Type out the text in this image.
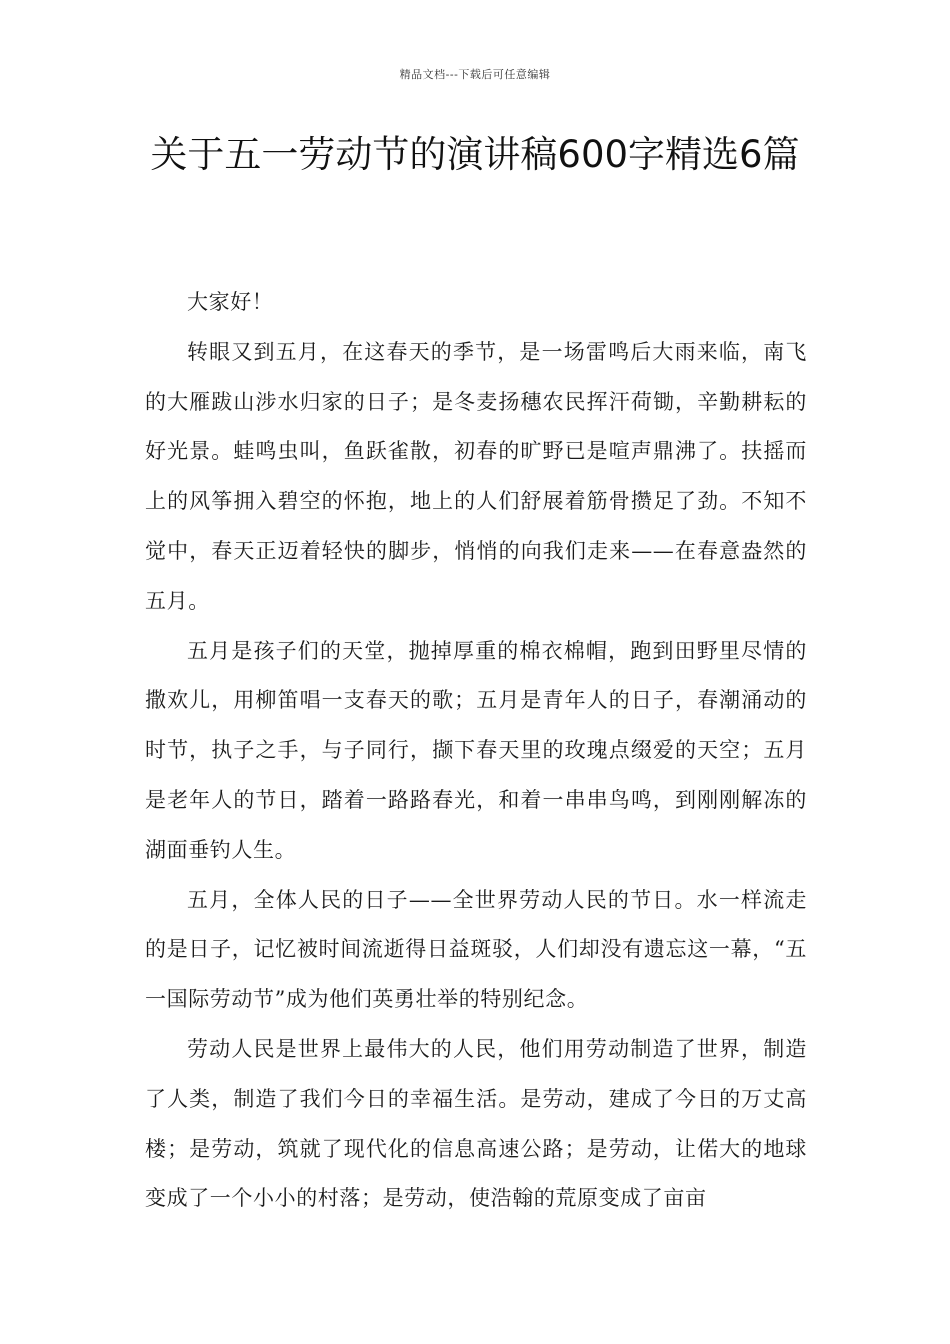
精品文档---下载后可任意编辑
关于五一劳动节的演讲稿600字精选6篇

大家好！

转眼又到五月，在这春天的季节，是一场雷鸣后大雨来临，南飞的大雁跋山涉水归家的日子；是冬麦扬穗农民挥汗荷锄，辛勤耕耘的好光景。蛙鸣虫叫，鱼跃雀散，初春的旷野已是喧声鼎沸了。扶摇而上的风筝拥入碧空的怀抱，地上的人们舒展着筋骨攒足了劲。不知不觉中，春天正迈着轻快的脚步，悄悄的向我们走来——在春意盎然的五月。

五月是孩子们的天堂，抛掉厚重的棉衣棉帽，跑到田野里尽情的撒欢儿，用柳笛唱一支春天的歌；五月是青年人的日子，春潮涌动的时节，执子之手，与子同行，撷下春天里的玫瑰点缀爱的天空；五月是老年人的节日，踏着一路路春光，和着一串串鸟鸣，到刚刚解冻的湖面垂钓人生。

五月，全体人民的日子——全世界劳动人民的节日。水一样流走的是日子，记忆被时间流逝得日益斑驳，人们却没有遗忘这一幕，“五一国际劳动节”成为他们英勇壮举的特别纪念。

劳动人民是世界上最伟大的人民，他们用劳动制造了世界，制造了人类，制造了我们今日的幸福生活。是劳动，建成了今日的万丈高楼；是劳动，筑就了现代化的信息高速公路；是劳动，让偌大的地球变成了一个小小的村落；是劳动，使浩翰的荒原变成了亩亩
